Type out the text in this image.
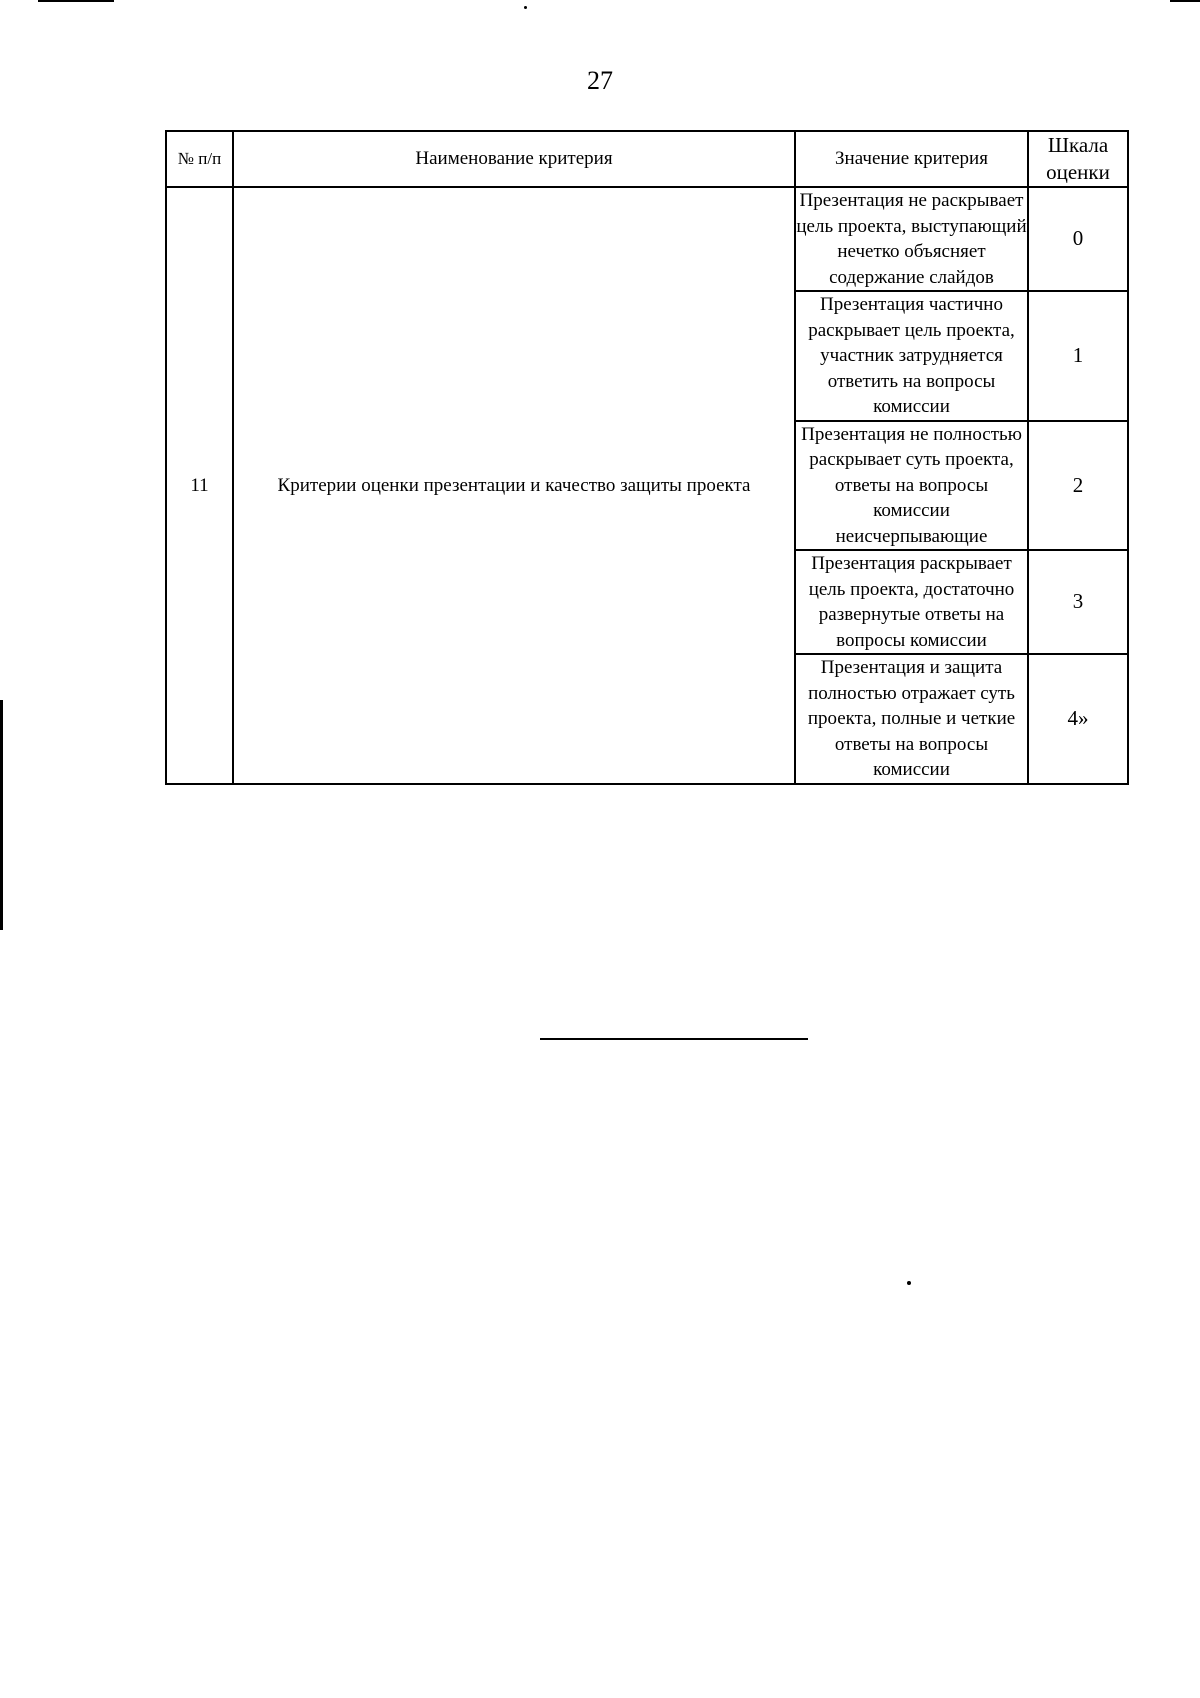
27
№ п/п	Наименование критерия	Значение критерия	Шкала оценки
11	Критерии оценки презентации и качество защиты проекта	Презентация не раскрывает цель проекта, выступающий нечетко объясняет содержание слайдов	0
		Презентация частично раскрывает цель проекта, участник затрудняется ответить на вопросы комиссии	1
		Презентация не полностью раскрывает суть проекта, ответы на вопросы комиссии неисчерпывающие	2
		Презентация раскрывает цель проекта, достаточно развернутые ответы на вопросы комиссии	3
		Презентация и защита полностью отражает суть проекта, полные и четкие ответы на вопросы комиссии	4»
